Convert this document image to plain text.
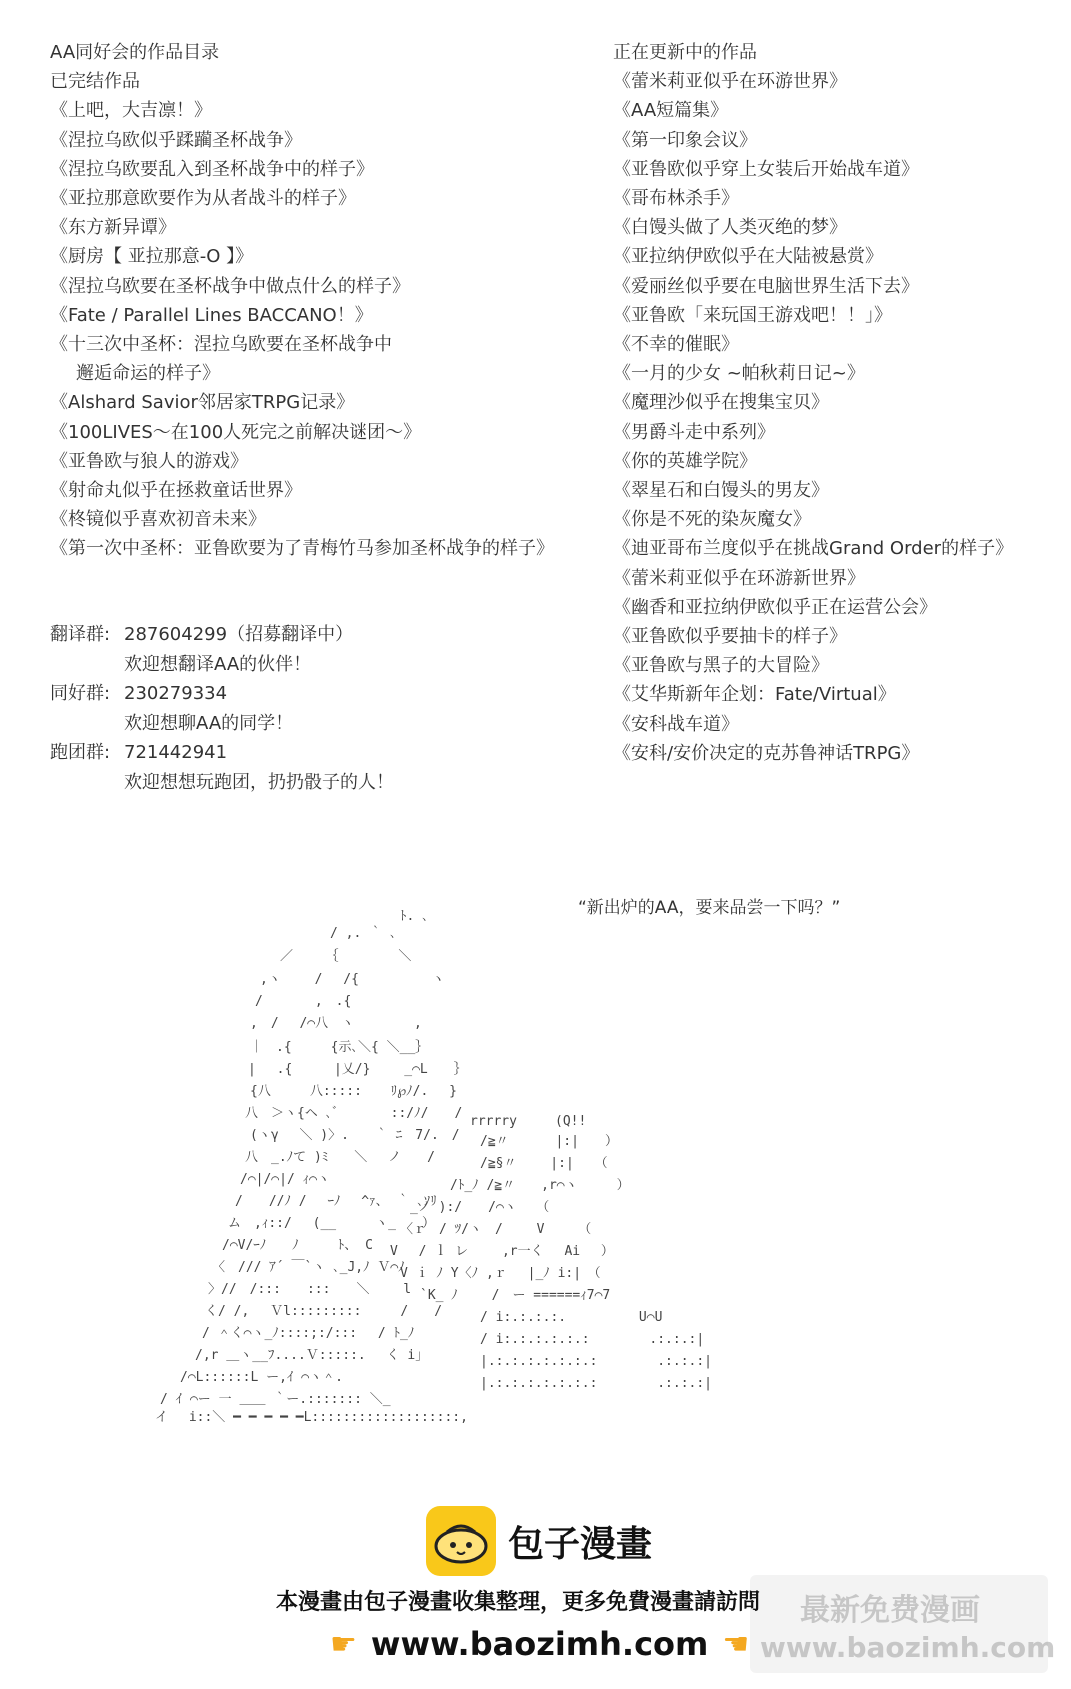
AA同好会的作品目录
已完结作品
《上吧，大吉凛！》
《涅拉乌欧似乎蹂躏圣杯战争》
《涅拉乌欧要乱入到圣杯战争中的样子》
《亚拉那意欧要作为从者战斗的样子》
《东方新异谭》
《厨房【 亚拉那意-O 】》
《涅拉乌欧要在圣杯战争中做点什么的样子》
《Fate / Parallel Lines BACCANO！》
《十三次中圣杯：涅拉乌欧要在圣杯战争中
邂逅命运的样子》
《Alshard Savior邻居家TRPG记录》
《100LIVES～在100人死完之前解决谜团～》
《亚鲁欧与狼人的游戏》
《射命丸似乎在拯救童话世界》
《柊镜似乎喜欢初音未来》
《第一次中圣杯：亚鲁欧要为了青梅竹马参加圣杯战争的样子》
正在更新中的作品
《蕾米莉亚似乎在环游世界》
《AA短篇集》
《第一印象会议》
《亚鲁欧似乎穿上女装后开始战车道》
《哥布林杀手》
《白馒头做了人类灭绝的梦》
《亚拉纳伊欧似乎在大陆被悬赏》
《爱丽丝似乎要在电脑世界生活下去》
《亚鲁欧「来玩国王游戏吧！！」》
《不幸的催眠》
《一月的少女 ~帕秋莉日记~》
《魔理沙似乎在搜集宝贝》
《男爵斗走中系列》
《你的英雄学院》
《翠星石和白馒头的男友》
《你是不死的染灰魔女》
《迪亚哥布兰度似乎在挑战Grand Order的样子》
《蕾米莉亚似乎在环游新世界》
《幽香和亚拉纳伊欧似乎正在运营公会》
《亚鲁欧似乎要抽卡的样子》
《亚鲁欧与黑子的大冒险》
《艾华斯新年企划：Fate/Virtual》
《安科战车道》
《安科/安价决定的克苏鲁神话TRPG》
翻译群: 287604299（招募翻译中）
欢迎想翻译AA的伙伴！
同好群: 230279334
欢迎想聊AA的同学！
跑团群: 721442941
欢迎想想玩跑团，扔扔骰子的人！
“新出炉的AA，要来品尝一下吗？”
ﾄ. ､
/ ,. ｀ ､
／　　　｛　　　　 ＼
,ヽ　　 /　 /{　　　　　 ヽ
/　　　　,　.{
,　/　 /⌒八　ヽ　　　　 ,
｜　.{　　　{示､＼{ ＼__｝
|　 .{　 　 |乂/}　　 _⌒L　　｝
{八　　　八::::: 　 ﾘ℘ﾉ/.　 }
八　＞ヽ{ヘ ､ﾞ　　　　::/ﾉ/　　/
(ヽγ 　＼ )〉.　　｀ ﾆ　7/.　/
八　_.ﾉて )ﾐ　　＼　 ノ　　/
/⌒|/⌒|/ ｨ⌒ヽ
/　　//ﾉ /　 ｰﾉ　 ^ｧ、 ｀ ､ｿﾘ
ム　,ｨ::/ 　(__　　　ヽ_　　）
/⌒V/ｰﾉ　　ﾉ　　　ﾄ、 C
〈　/// ｱ´ ￣`ヽ ､_J,ﾉ Ｖ⌒ﾉ
〉//　/:::　　:::　　＼　　 l
く/ /,　 Ｖl:::::::::　　　/　　/
/ ＾く⌒ヽ_ﾉ::::;:/:::　 / ﾄ_ﾉ
/,r ＿ヽ__ﾌ....Ｖ:::::.　 く i」
/⌒L::::::L ー,ｲ ⌒ヽ＾.
/ ｲ ⌒ー 一 ＿＿ ｀ー.::::::: ＼_
イ　 i::＼ ━ ━ ━ ━ ━L:::::::::::::::::::,
rrrrry	(Q!!
/≧〃　　　 |:|　　）
/≧§〃　　 |:|　 （
/ﾄ_ﾉ /≧〃　　,r⌒ヽ　　　）
_ノ ):/　　/⌒ヽ　　（
〈ｒ　/ ﾂ/ヽ　/　　 V　　 （
V 　/ ｌ レ　 　,r一く　 Ai　 ）
V ｉ ﾉ Y〈ﾉ ,ｒ　 |_ﾉ i:|　（
`K_ ﾉ　　 /　ー ======ｨ7⌒7
/ i:.:.:.:.　　　　　 U⌒U
/ i:.:.:.:.:.:　　　　 .:.:.:|
|.:.:.:.:.:.:.:　　　　 .:.:.:|
|.:.:.:.:.:.:.:　　　　 .:.:.:|
包子漫畫
最新免费漫画
www.baozimh.com
本漫畫由包子漫畫收集整理，更多免費漫畫請訪問
☛ www.baozimh.com ☚
